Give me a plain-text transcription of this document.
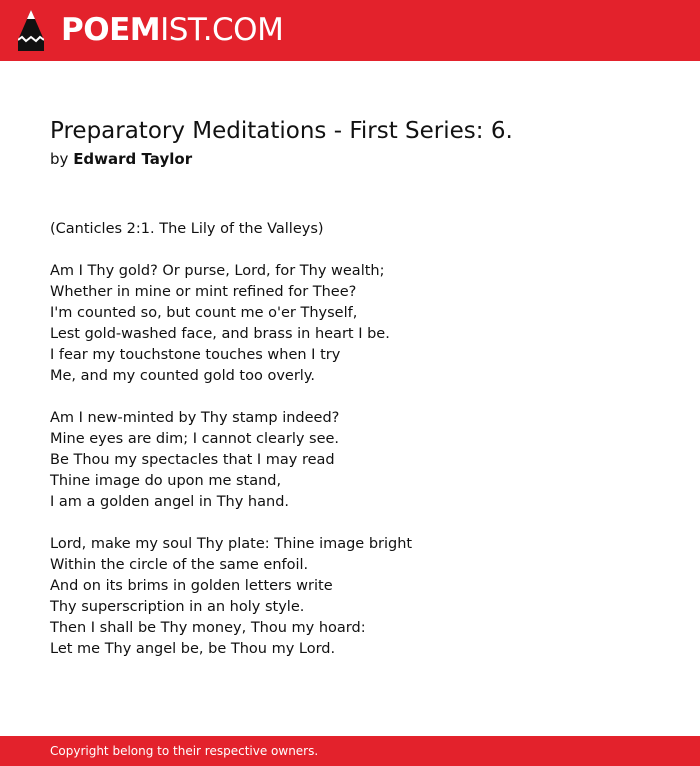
POEMIST.COM
Preparatory Meditations - First Series: 6.
by Edward Taylor
(Canticles 2:1. The Lily of the Valleys)
Am I Thy gold? Or purse, Lord, for Thy wealth;
Whether in mine or mint refined for Thee?
I'm counted so, but count me o'er Thyself,
Lest gold-washed face, and brass in heart I be.
I fear my touchstone touches when I try
Me, and my counted gold too overly.
Am I new-minted by Thy stamp indeed?
Mine eyes are dim; I cannot clearly see.
Be Thou my spectacles that I may read
Thine image do upon me stand,
I am a golden angel in Thy hand.
Lord, make my soul Thy plate: Thine image bright
Within the circle of the same enfoil.
And on its brims in golden letters write
Thy superscription in an holy style.
Then I shall be Thy money, Thou my hoard:
Let me Thy angel be, be Thou my Lord.
Copyright belong to their respective owners.
